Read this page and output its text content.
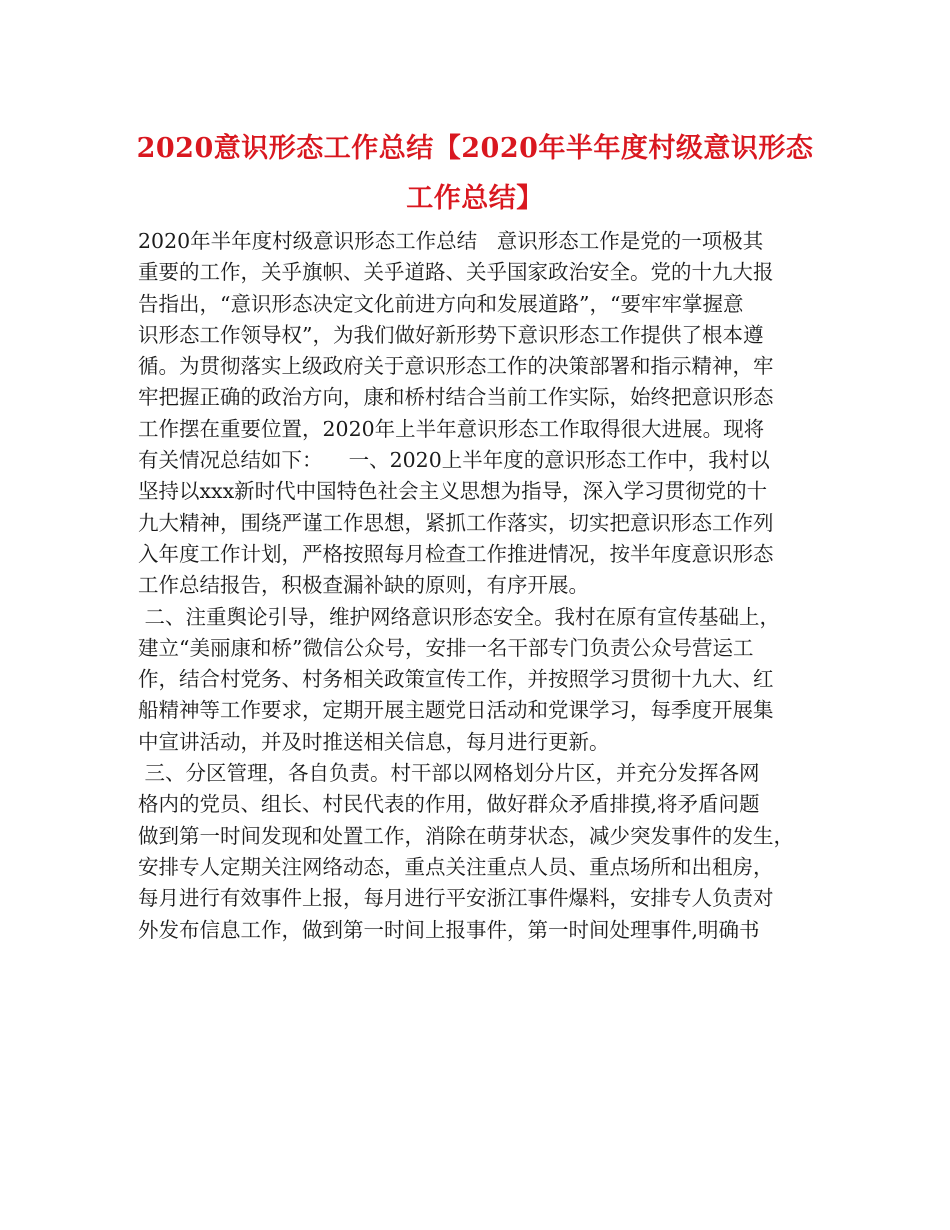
2020意识形态工作总结【2020年半年度村级意识形态
工作总结】
2020年半年度村级意识形态工作总结   意识形态工作是党的一项极其
重要的工作，关乎旗帜、关乎道路、关乎国家政治安全。党的十九大报
告指出，“意识形态决定文化前进方向和发展道路”，“要牢牢掌握意
识形态工作领导权”，为我们做好新形势下意识形态工作提供了根本遵
循。为贯彻落实上级政府关于意识形态工作的决策部署和指示精神，牢
牢把握正确的政治方向，康和桥村结合当前工作实际，始终把意识形态
工作摆在重要位置，2020年上半年意识形态工作取得很大进展。现将
有关情况总结如下：    一、2020上半年度的意识形态工作中，我村以
坚持以xxx新时代中国特色社会主义思想为指导，深入学习贯彻党的十
九大精神，围绕严谨工作思想，紧抓工作落实，切实把意识形态工作列
入年度工作计划，严格按照每月检查工作推进情况，按半年度意识形态
工作总结报告，积极查漏补缺的原则，有序开展。
二、注重舆论引导，维护网络意识形态安全。我村在原有宣传基础上，
建立“美丽康和桥”微信公众号，安排一名干部专门负责公众号营运工
作，结合村党务、村务相关政策宣传工作，并按照学习贯彻十九大、红
船精神等工作要求，定期开展主题党日活动和党课学习，每季度开展集
中宣讲活动，并及时推送相关信息，每月进行更新。
三、分区管理，各自负责。村干部以网格划分片区，并充分发挥各网
格内的党员、组长、村民代表的作用，做好群众矛盾排摸,将矛盾问题
做到第一时间发现和处置工作，消除在萌芽状态，减少突发事件的发生，
安排专人定期关注网络动态，重点关注重点人员、重点场所和出租房，
每月进行有效事件上报，每月进行平安浙江事件爆料，安排专人负责对
外发布信息工作，做到第一时间上报事件，第一时间处理事件,明确书
